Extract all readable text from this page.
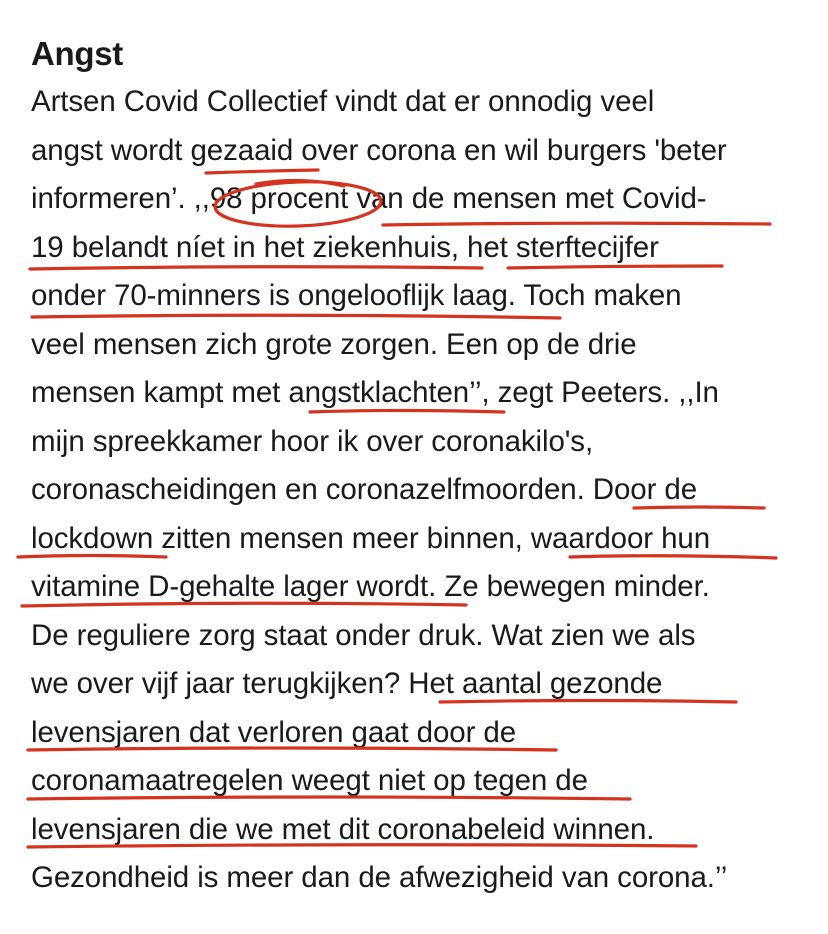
Angst

Artsen Covid Collectief vindt dat er onnodig veel
angst wordt gezaaid over corona en wil burgers 'beter
informeren’. ,,98 procent van de mensen met Covid-
19 belandt níet in het ziekenhuis, het sterftecijfer
onder 70-minners is ongelooflijk laag. Toch maken
veel mensen zich grote zorgen. Een op de drie
mensen kampt met angstklachten’’, zegt Peeters. ,,In
mijn spreekkamer hoor ik over coronakilo's,
coronascheidingen en coronazelfmoorden. Door de
lockdown zitten mensen meer binnen, waardoor hun
vitamine D-gehalte lager wordt. Ze bewegen minder.
De reguliere zorg staat onder druk. Wat zien we als
we over vijf jaar terugkijken? Het aantal gezonde
levensjaren dat verloren gaat door de
coronamaatregelen weegt niet op tegen de
levensjaren die we met dit coronabeleid winnen.
Gezondheid is meer dan de afwezigheid van corona.’’
